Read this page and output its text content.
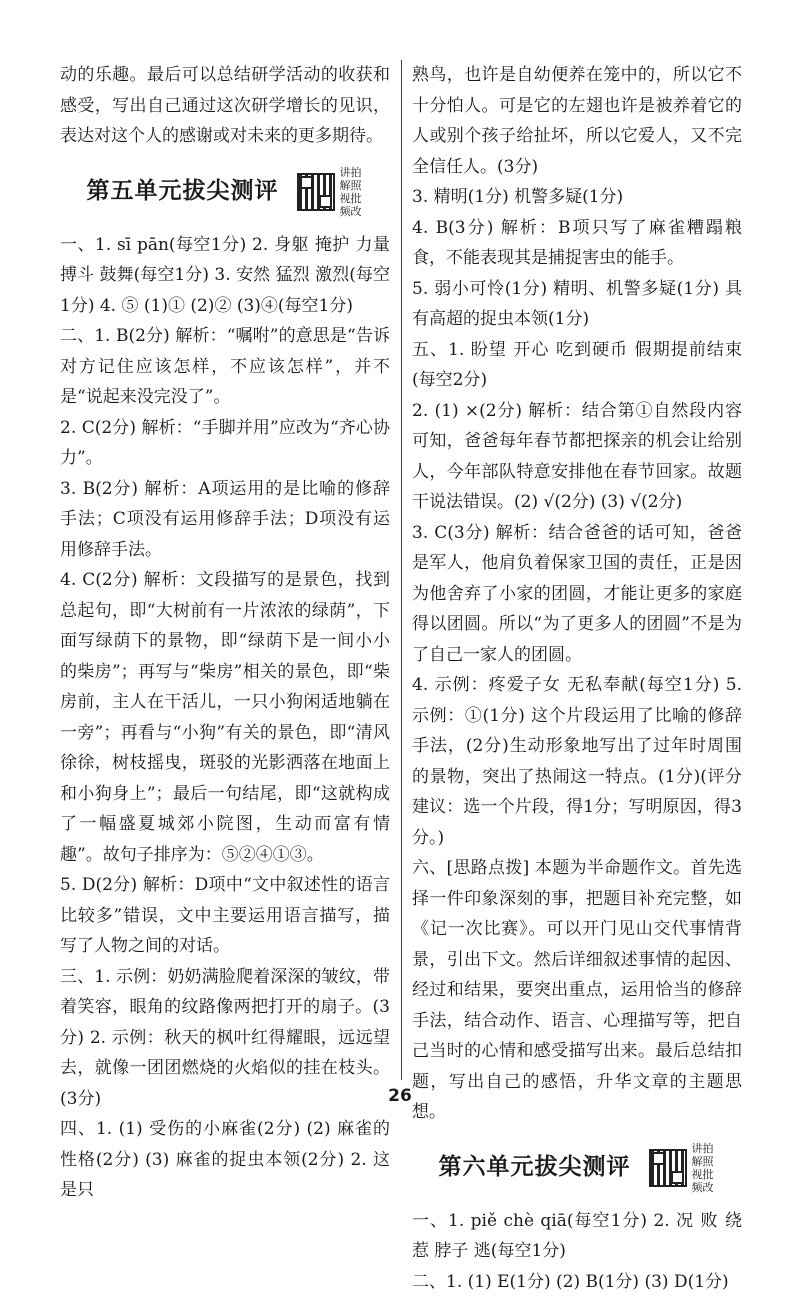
动的乐趣。最后可以总结研学活动的收获和感受，写出自己通过这次研学增长的见识，表达对这个人的感谢或对未来的更多期待。

第五单元拔尖测评
讲拍解照视批频改

一、1. sī pān(每空1分) 2. 身躯 掩护 力量 搏斗 鼓舞(每空1分) 3. 安然 猛烈 激烈(每空1分) 4. ⑤ (1)① (2)② (3)④(每空1分)

二、1. B(2分) 解析：“嘱咐”的意思是“告诉对方记住应该怎样，不应该怎样”，并不是“说起来没完没了”。

2. C(2分) 解析：“手脚并用”应改为“齐心协力”。

3. B(2分) 解析：A项运用的是比喻的修辞手法；C项没有运用修辞手法；D项没有运用修辞手法。

4. C(2分) 解析：文段描写的是景色，找到总起句，即“大树前有一片浓浓的绿荫”，下面写绿荫下的景物，即“绿荫下是一间小小的柴房”；再写与“柴房”相关的景色，即“柴房前，主人在干活儿，一只小狗闲适地躺在一旁”；再看与“小狗”有关的景色，即“清风徐徐，树枝摇曳，斑驳的光影洒落在地面上和小狗身上”；最后一句结尾，即“这就构成了一幅盛夏城郊小院图，生动而富有情趣”。故句子排序为：⑤②④①③。

5. D(2分) 解析：D项中“文中叙述性的语言比较多”错误，文中主要运用语言描写，描写了人物之间的对话。

三、1. 示例：奶奶满脸爬着深深的皱纹，带着笑容，眼角的纹路像两把打开的扇子。(3分) 2. 示例：秋天的枫叶红得耀眼，远远望去，就像一团团燃烧的火焰似的挂在枝头。(3分)

四、1. (1) 受伤的小麻雀(2分) (2) 麻雀的性格(2分) (3) 麻雀的捉虫本领(2分) 2. 这是只

熟鸟，也许是自幼便养在笼中的，所以它不十分怕人。可是它的左翅也许是被养着它的人或别个孩子给扯坏，所以它爱人，又不完全信任人。(3分)

3. 精明(1分) 机警多疑(1分)

4. B(3分) 解析：B项只写了麻雀糟蹋粮食，不能表现其是捕捉害虫的能手。

5. 弱小可怜(1分) 精明、机警多疑(1分) 具有高超的捉虫本领(1分)

五、1. 盼望 开心 吃到硬币 假期提前结束(每空2分)

2. (1) ×(2分) 解析：结合第①自然段内容可知，爸爸每年春节都把探亲的机会让给别人，今年部队特意安排他在春节回家。故题干说法错误。(2) √(2分) (3) √(2分)

3. C(3分) 解析：结合爸爸的话可知，爸爸是军人，他肩负着保家卫国的责任，正是因为他舍弃了小家的团圆，才能让更多的家庭得以团圆。所以“为了更多人的团圆”不是为了自己一家人的团圆。

4. 示例：疼爱子女 无私奉献(每空1分) 5. 示例：①(1分) 这个片段运用了比喻的修辞手法，(2分)生动形象地写出了过年时周围的景物，突出了热闹这一特点。(1分)(评分建议：选一个片段，得1分；写明原因，得3分。)

六、[思路点拨] 本题为半命题作文。首先选择一件印象深刻的事，把题目补充完整，如《记一次比赛》。可以开门见山交代事情背景，引出下文。然后详细叙述事情的起因、经过和结果，要突出重点，运用恰当的修辞手法，结合动作、语言、心理描写等，把自己当时的心情和感受描写出来。最后总结扣题，写出自己的感悟，升华文章的主题思想。

第六单元拔尖测评
讲拍解照视批频改

一、1. piě chè qiā(每空1分) 2. 况 败 绕 惹 脖子 逃(每空1分)

二、1. (1) E(1分) (2) B(1分) (3) D(1分)

26
